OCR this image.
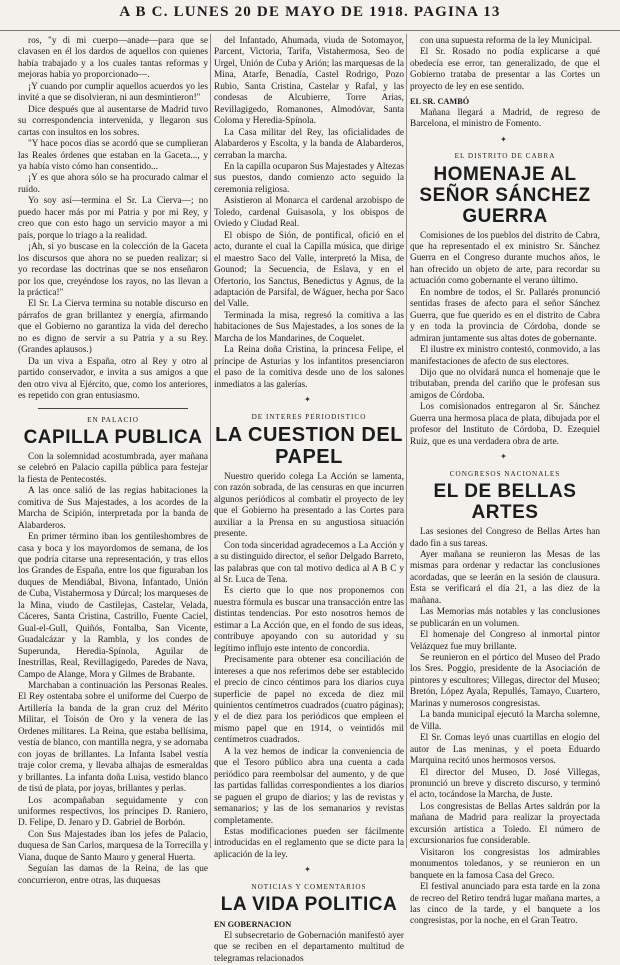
A B C. LUNES 20 DE MAYO DE 1918. PAGINA 13

ros, "y di mi cuerpo—anade—para que se clavasen en él los dardos de aquellos con quienes había trabajado y a los cuales tantas reformas y mejoras había yo proporcionado—.

¡Y cuando por cumplir aquellos acuerdos yo les invité a que se disolvieran, ni aun desmintieron!"

Dice después que al ausentarse de Madrid tuvo su correspondencia intervenida, y llegaron sus cartas con insultos en los sobres.

"Y hace pocos días se acordó que se cumplieran las Reales órdenes que estaban en la Gaceta..., y ya había visto cómo han consentido...

¡Y es que ahora sólo se ha procurado calmar el ruido.

Yo soy así—termina el Sr. La Cierva—; no puedo hacer más por mi Patria y por mi Rey, y creo que con esto hago un servicio mayor a mi país, porque lo triago a la realidad.

¡Ah, si yo buscase en la colección de la Gaceta los discursos que ahora no se pueden realizar; si yo recordase las doctrinas que se nos enseñaron por los que, creyéndose los rayos, no las llevan a la práctica!"

El Sr. La Cierva termina su notable discurso en párrafos de gran brillantez y energía, afirmando que el Gobierno no garantiza la vida del derecho no es digno de servir a su Patria y a su Rey. (Grandes aplausos.)

Da un viva a España, otro al Rey y otro al partido conservador, e invita a sus amigos a que den otro viva al Ejército, que, como los anteriores, es repetido con gran entusiasmo.

EN PALACIO
CAPILLA PUBLICA

Con la solemnidad acostumbrada, ayer mañana se celebró en Palacio capilla pública para festejar la fiesta de Pentecostés.

A las once salió de las regias habitaciones la comitiva de Sus Majestades, a los acordes de la Marcha de Scipión, interpretada por la banda de Alabarderos.

En primer término iban los gentileshombres de casa y boca y los mayordomos de semana, de los que podría citarse una representación, y tras ellos los Grandes de España, entre los que figuraban los duques de Mendiábal, Bivona, Infantado, Unión de Cuba, Vistahermosa y Dúrcal; los marqueses de la Mina, viudo de Castilejas, Castelar, Velada, Cáceres, Santa Cristina, Castrillo, Fuente Caciel, Gual-el-Gull, Quiñós, Fontalba, San Vicente, Guadalcázar y la Rambla, y los condes de Superunda, Heredia-Spínola, Aguilar de Inestrillas, Real, Revillagigedo, Paredes de Nava, Campo de Alange, Mora y Gilmes de Brabante.

Marchaban a continuación las Personas Reales. El Rey ostentaba sobre el uniforme del Cuerpo de Artillería la banda de la gran cruz del Mérito Militar, el Toisón de Oro y la venera de las Ordenes militares. La Reina, que estaba bellísima, vestía de blanco, con mantilla negra, y se adornaba con joyas de brillantes. La Infanta Isabel vestía traje color crema, y llevaba alhajas de esmeraldas y brillantes. La infanta doña Luisa, vestido blanco de tisú de plata, por joyas, brillantes y perlas.

Los acompañaban seguidamente y con uniformes respectivos, los príncipes D. Raniero, D. Felipe, D. Jenaro y D. Gabriel de Borbón.

Con Sus Majestades iban los jefes de Palacio, duquesa de San Carlos, marquesa de la Torrecilla y Viana, duque de Santo Mauro y general Huerta.

Seguían las damas de la Reina, de las que concurrieron, entre otras, las duquesas

del Infantado, Ahumada, viuda de Sotomayor, Parcent, Victoria, Tarifa, Vistahermosa, Seo de Urgel, Unión de Cuba y Arión; las marquesas de la Mina, Atarfe, Benadía, Castel Rodrigo, Pozo Rubio, Santa Cristina, Castelar y Rafal, y las condesas de Alcubierre, Torre Arias, Revillagigedo, Romanones, Almodóvar, Santa Coloma y Heredia-Spínola.

La Casa militar del Rey, las oficialidades de Alabarderos y Escolta, y la banda de Alabarderos, cerraban la marcha.

En la capilla ocuparon Sus Majestades y Altezas sus puestos, dando comienzo acto seguido la ceremonia religiosa.

Asistieron al Monarca el cardenal arzobispo de Toledo, cardenal Guisasola, y los obispos de Oviedo y Ciudad Real.

El obispo de Sión, de pontifical, ofició en el acto, durante el cual la Capilla música, que dirige el maestro Saco del Valle, interpretó la Misa, de Gounod; la Secuencia, de Eslava, y en el Ofertorio, los Sanctus, Benedictus y Agnus, de la adaptación de Parsifal, de Wáguer, hecha por Saco del Valle.

Terminada la misa, regresó la comitiva a las habitaciones de Sus Majestades, a los sones de la Marcha de los Mandarines, de Coquelet.

La Reina doña Cristina, la princesa Felipe, el príncipe de Asturias y los infantitos presenciaron el paso de la comitiva desde uno de los salones inmediatos a las galerías.

✦
DE INTERES PERIODISTICO
LA CUESTION DEL PAPEL

Nuestro querido colega La Acción se lamenta, con razón sobrada, de las censuras en que incurren algunos periódicos al combatir el proyecto de ley que el Gobierno ha presentado a las Cortes para auxiliar a la Prensa en su angustiosa situación presente.

Con toda sinceridad agradecemos a La Acción y a su distinguido director, el señor Delgado Barreto, las palabras que con tal motivo dedica al A B C y al Sr. Luca de Tena.

Es cierto que lo que nos proponemos con nuestra fórmula es buscar una transacción entre las distintas tendencias. Por esto nosotros hemos de estimar a La Acción que, en el fondo de sus ideas, contribuye apoyando con su autoridad y su legítimo influjo este intento de concordia.

Precisamente para obtener esa conciliación de intereses a que nos referimos debe ser establecido el precio de cinco céntimos para los diarios cuya superficie de papel no exceda de diez mil quinientos centímetros cuadrados (cuatro páginas); y el de diez para los periódicos que empleen el mismo papel que en 1914, o veintidós mil centímetros cuadrados.

A la vez hemos de indicar la conveniencia de que el Tesoro público abra una cuenta a cada periódico para reembolsar del aumento, y de que las partidas fallidas correspondientes a los diarios se paguen el grupo de diarios; y las de revistas y semanarios; y las de los semanarios y revistas completamente.

Estas modificaciones pueden ser fácilmente introducidas en el reglamento que se dicte para la aplicación de la ley.

✦
NOTICIAS Y COMENTARIOS
LA VIDA POLITICA
EN GOBERNACION

El subsecretario de Gobernación manifestó ayer que se reciben en el departamento multitud de telegramas relacionados

con una supuesta reforma de la ley Municipal.

El Sr. Rosado no podía explicarse a qué obedecía ese error, tan generalizado, de que el Gobierno trataba de presentar a las Cortes un proyecto de ley en ese sentido.

EL SR. CAMBÓ

Mañana llegará a Madrid, de regreso de Barcelona, el ministro de Fomento.

✦
EL DISTRITO DE CABRA
HOMENAJE AL SEÑOR SÁNCHEZ GUERRA

Comisiones de los pueblos del distrito de Cabra, que ha representado el ex ministro Sr. Sánchez Guerra en el Congreso durante muchos años, le han ofrecido un objeto de arte, para recordar su actuación como gobernante el verano último.

En nombre de todos, el Sr. Pallarés pronunció sentidas frases de afecto para el señor Sánchez Guerra, que fue querido es en el distrito de Cabra y en toda la provincia de Córdoba, donde se admiran juntamente sus altas dotes de gobernante.

El ilustre ex ministro contestó, conmovido, a las manifestaciones de afecto de sus electores.

Dijo que no olvidará nunca el homenaje que le tributaban, prenda del cariño que le profesan sus amigos de Córdoba.

Los comisionados entregaron al Sr. Sánchez Guerra una hermosa placa de plata, dibujada por el profesor del Instituto de Córdoba, D. Ezequiel Ruiz, que es una verdadera obra de arte.

✦
CONGRESOS NACIONALES
EL DE BELLAS ARTES

Las sesiones del Congreso de Bellas Artes han dado fin a sus tareas.

Ayer mañana se reunieron las Mesas de las mismas para ordenar y redactar las conclusiones acordadas, que se leerán en la sesión de clausura. Esta se verificará el día 21, a las diez de la mañana.

Las Memorias más notables y las conclusiones se publicarán en un volumen.

El homenaje del Congreso al inmortal pintor Velázquez fue muy brillante.

Se reunieron en el pórtico del Museo del Prado los Sres. Poggio, presidente de la Asociación de pintores y escultores; Villegas, director del Museo; Bretón, López Ayala, Repullés, Tamayo, Cuartero, Marinas y numerosos congresistas.

La banda municipal ejecutó la Marcha solemne, de Villa.

El Sr. Comas leyó unas cuartillas en elogio del autor de Las meninas, y el poeta Eduardo Marquina recitó unos hermosos versos.

El director del Museo, D. José Villegas, pronunció un breve y discreto discurso, y terminó el acto, tocándose la Marcha, de Juste.

Los congresistas de Bellas Artes saldrán por la mañana de Madrid para realizar la proyectada excursión artística a Toledo. El número de excursionarios fue considerable.

Visitaron los congresistas los admirables monumentos toledanos, y se reunieron en un banquete en la famosa Casa del Greco.

El festival anunciado para esta tarde en la zona de recreo del Retiro tendrá lugar mañana martes, a las cinco de la tarde, y el banquete a los congresistas, por la noche, en el Gran Teatro.
